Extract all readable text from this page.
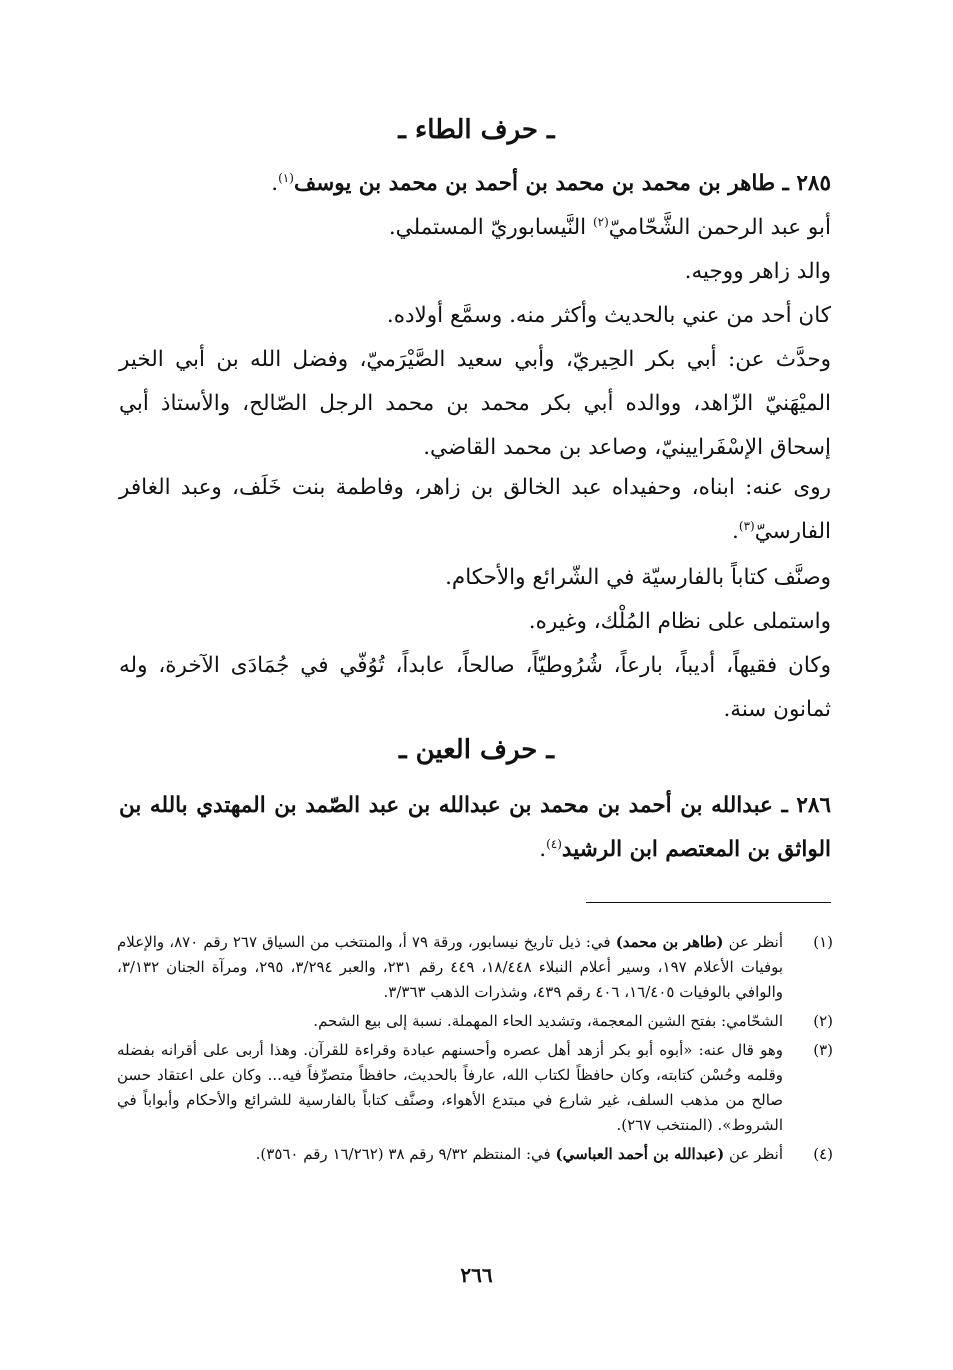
ـ حرف الطاء ـ

٢٨٥ ـ طاهر بن محمد بن محمد بن أحمد بن محمد بن يوسف$^{(١)}$.

أبو عبد الرحمن الشَّحّاميّ$^{(٢)}$ النَّيسابوريّ المستملي.

والد زاهر ووجيه.

كان أحد من عني بالحديث وأكثر منه. وسمَّع أولاده.

وحدَّث عن: أبي بكر الحِيريّ، وأبي سعيد الصَّيْرَميّ، وفضل الله بن أبي الخير الميْهَنيّ الزّاهد، ووالده أبي بكر محمد بن محمد الرجل الصّالح، والأستاذ أبي إسحاق الإسْفَرايينيّ، وصاعد بن محمد القاضي.

روى عنه: ابناه، وحفيداه عبد الخالق بن زاهر، وفاطمة بنت خَلَف، وعبد الغافر الفارسيّ$^{(٣)}$.

وصنَّف كتاباً بالفارسيّة في الشّرائع والأحكام.

واستملى على نظام المُلْك، وغيره.

وكان فقيهاً، أديباً، بارعاً، شُرُوطيّاً، صالحاً، عابداً، تُوُفّي في جُمَادَى الآخرة، وله ثمانون سنة.

ـ حرف العين ـ

٢٨٦ ـ عبدالله بن أحمد بن محمد بن عبدالله بن عبد الصّمد بن المهتدي بالله بن الواثق بن المعتصم ابن الرشيد$^{(٤)}$.

(١)
أنظر عن (طاهر بن محمد) في: ذيل تاريخ نيسابور، ورقة ٧٩ أ، والمنتخب من السياق ٢٦٧ رقم ٨٧٠، والإعلام بوفيات الأعلام ١٩٧، وسير أعلام النبلاء ١٨/٤٤٨، ٤٤٩ رقم ٢٣١، والعبر ٣/٢٩٤، ٢٩٥، ومرآة الجنان ٣/١٣٢، والوافي بالوفيات ١٦/٤٠٥، ٤٠٦ رقم ٤٣٩، وشذرات الذهب ٣/٣٦٣.
(٢)
الشحّامي: بفتح الشين المعجمة، وتشديد الحاء المهملة. نسبة إلى بيع الشحم.
(٣)
وهو قال عنه: «أبوه أبو بكر أزهد أهل عصره وأحسنهم عبادة وقراءة للقرآن. وهذا أربى على أقرانه بفضله وقلمه وحُسْن كتابته، وكان حافظاً لكتاب الله، عارفاً بالحديث، حافظاً متصرِّفاً فيه... وكان على اعتقاد حسن صالح من مذهب السلف، غير شارع في مبتدع الأهواء، وصنَّف كتاباً بالفارسية للشرائع والأحكام وأبواباً في الشروط». (المنتخب ٢٦٧).
(٤)
أنظر عن (عبدالله بن أحمد العباسي) في: المنتظم ٩/٣٢ رقم ٣٨ (١٦/٢٦٢ رقم ٣٥٦٠).
٢٦٦
